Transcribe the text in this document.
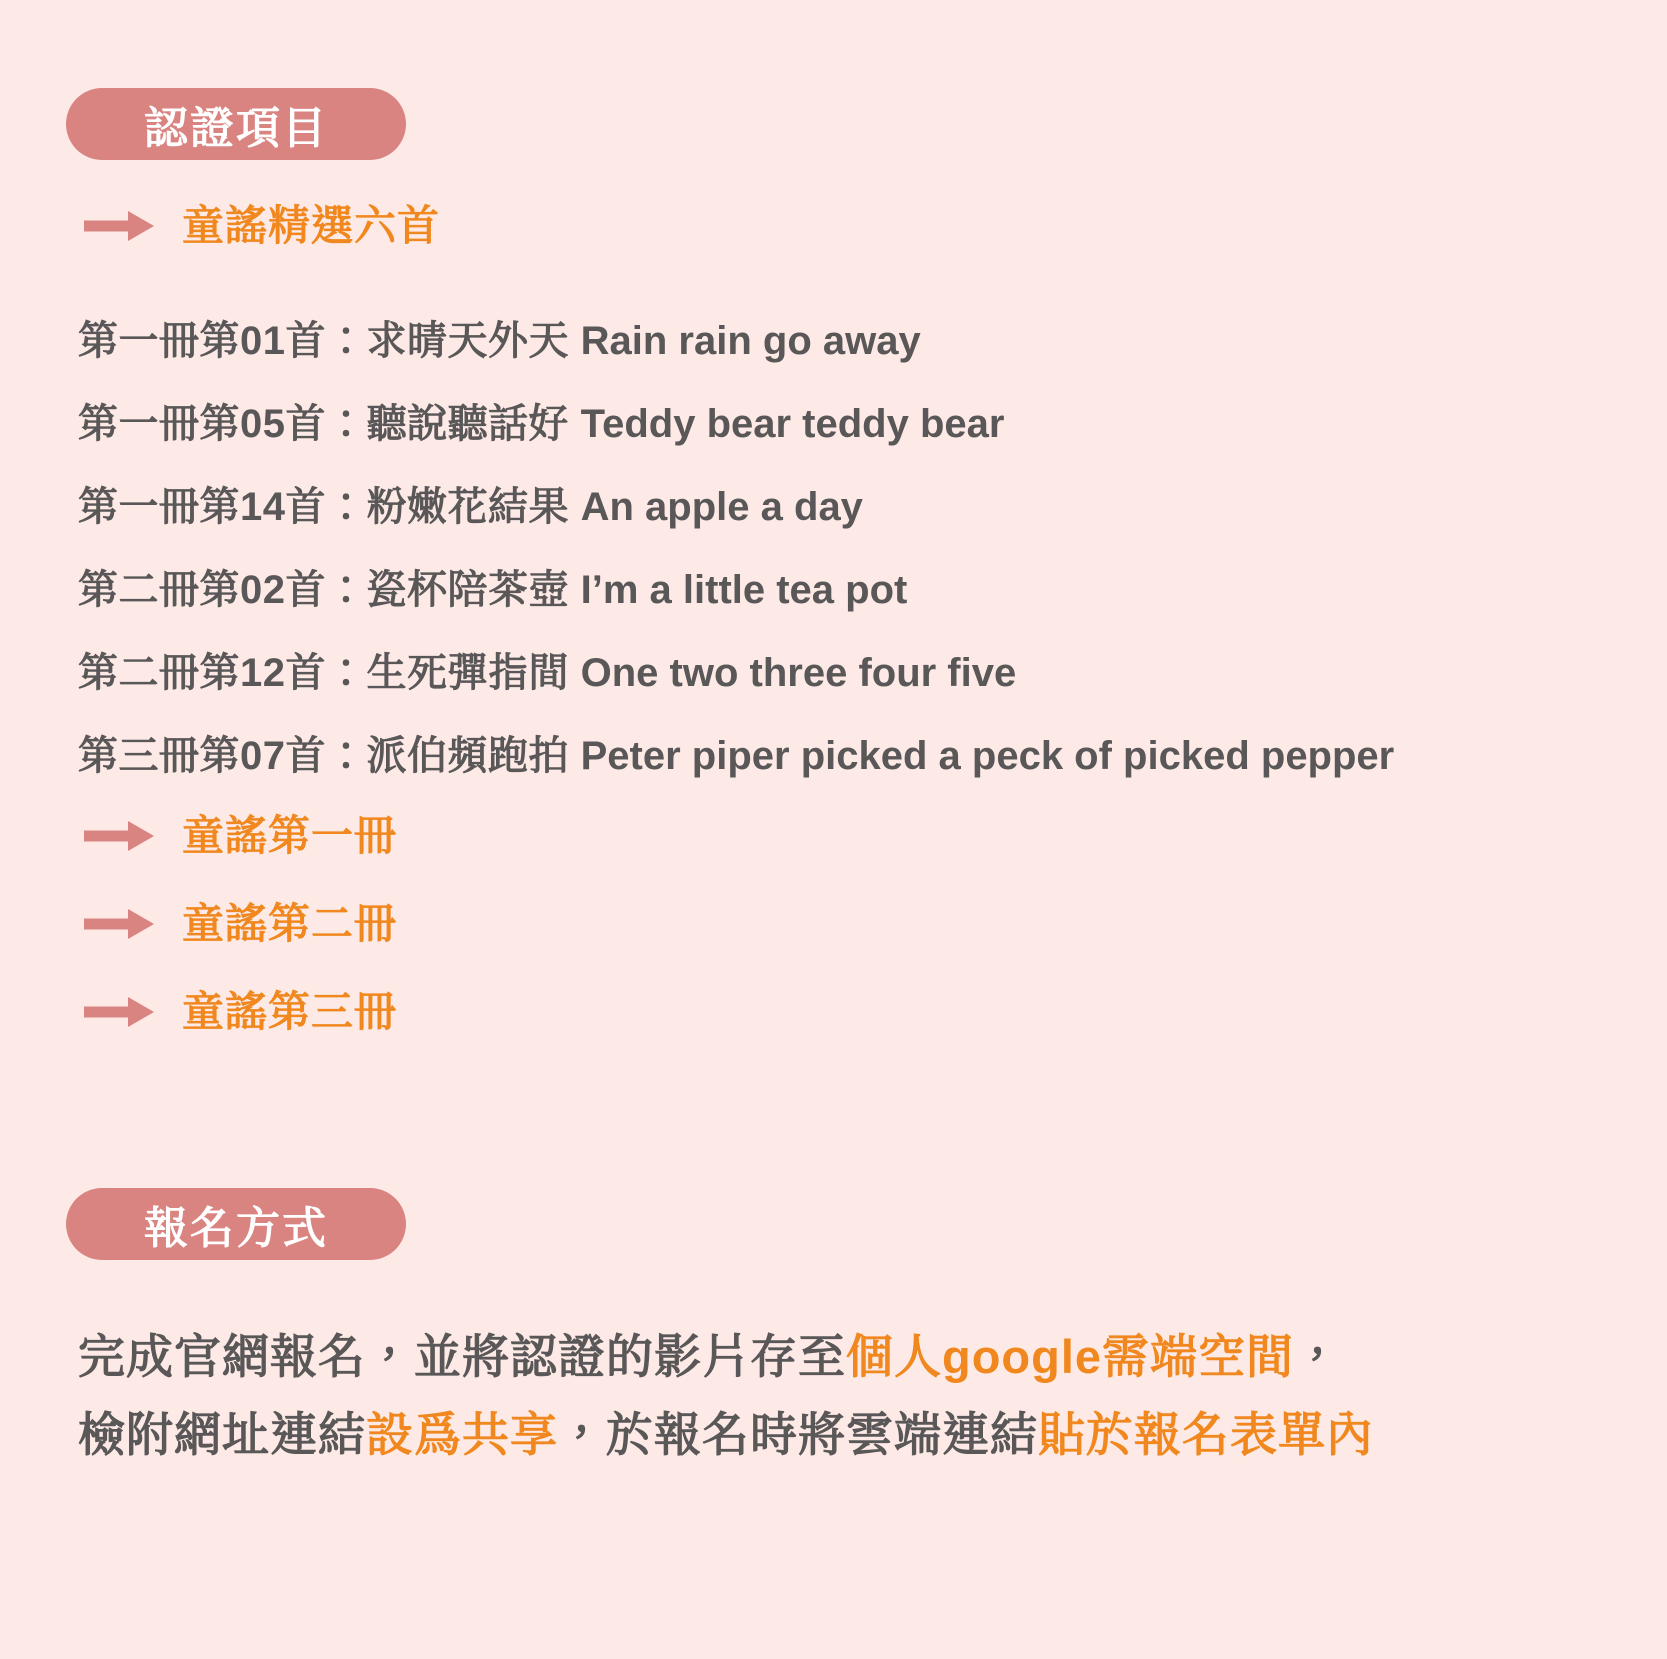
認證項目
童謠精選六首
第一冊第01首：求晴天外天 Rain rain go away
第一冊第05首：聽說聽話好 Teddy bear teddy bear
第一冊第14首：粉嫩花結果 An apple a day
第二冊第02首：瓷杯陪茶壺 I’m a little tea pot
第二冊第12首：生死彈指間 One two three four five
第三冊第07首：派伯頻跑拍 Peter piper picked a peck of picked pepper
童謠第一冊
童謠第二冊
童謠第三冊
報名方式
完成官網報名，並將認證的影片存至個人google需端空間，
檢附網址連結設爲共享，於報名時將雲端連結貼於報名表單內
